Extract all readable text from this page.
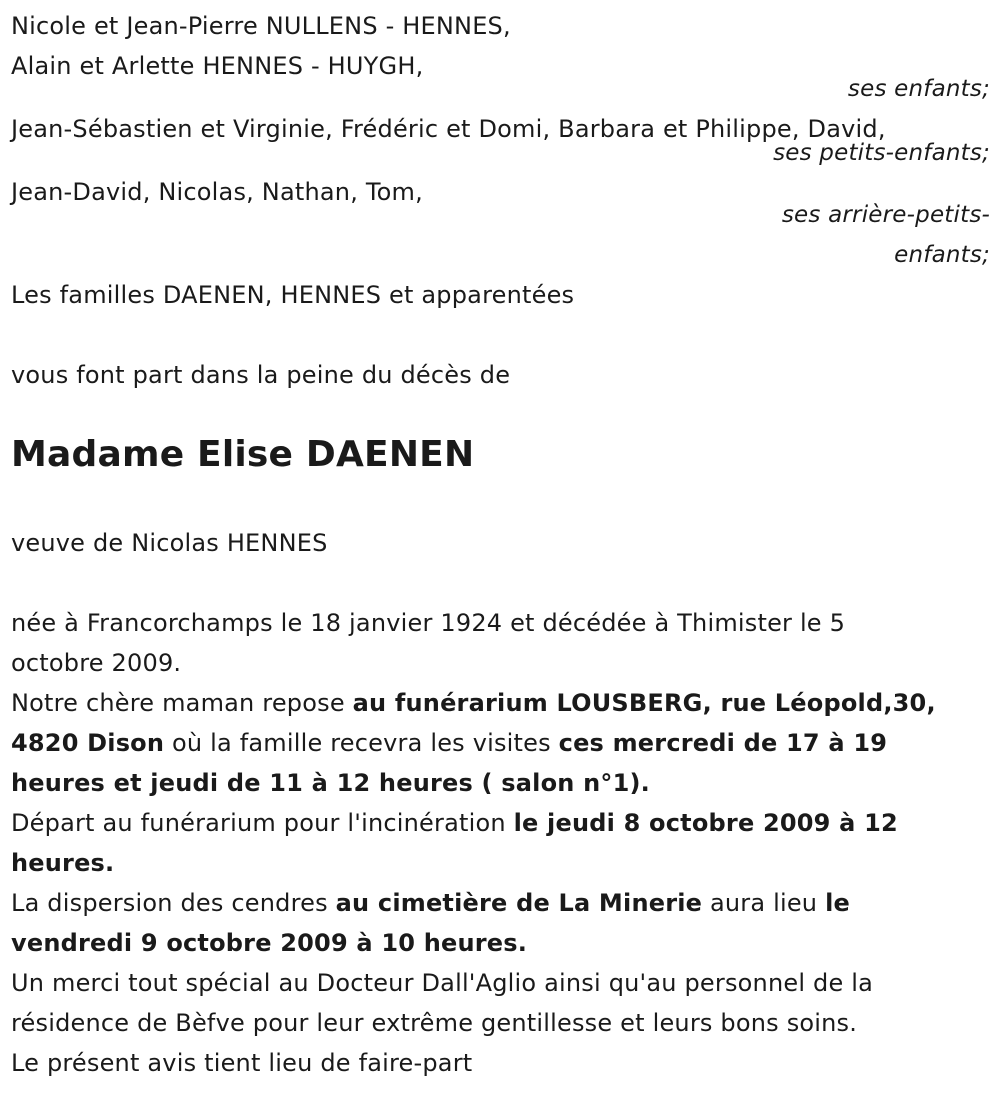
Nicole et Jean-Pierre NULLENS - HENNES,
Alain et Arlette HENNES - HUYGH,
ses enfants;
Jean-Sébastien et Virginie, Frédéric et Domi, Barbara et Philippe, David,
ses petits-enfants;
Jean-David, Nicolas, Nathan, Tom,
ses arrière-petits-
enfants;
Les familles DAENEN, HENNES et apparentées
vous font part dans la peine du décès de
Madame Elise DAENEN
veuve de Nicolas HENNES
née à Francorchamps le 18 janvier 1924 et décédée à Thimister le 5
octobre 2009.
Notre chère maman repose au funérarium LOUSBERG, rue Léopold,30,
4820 Dison où la famille recevra les visites ces mercredi de 17 à 19
heures et jeudi de 11 à 12 heures ( salon n°1).
Départ au funérarium pour l'incinération le jeudi 8 octobre 2009 à 12
heures.
La dispersion des cendres au cimetière de La Minerie aura lieu le
vendredi 9 octobre 2009 à 10 heures.
Un merci tout spécial au Docteur Dall'Aglio ainsi qu'au personnel de la
résidence de Bèfve pour leur extrême gentillesse et leurs bons soins.
Le présent avis tient lieu de faire-part
